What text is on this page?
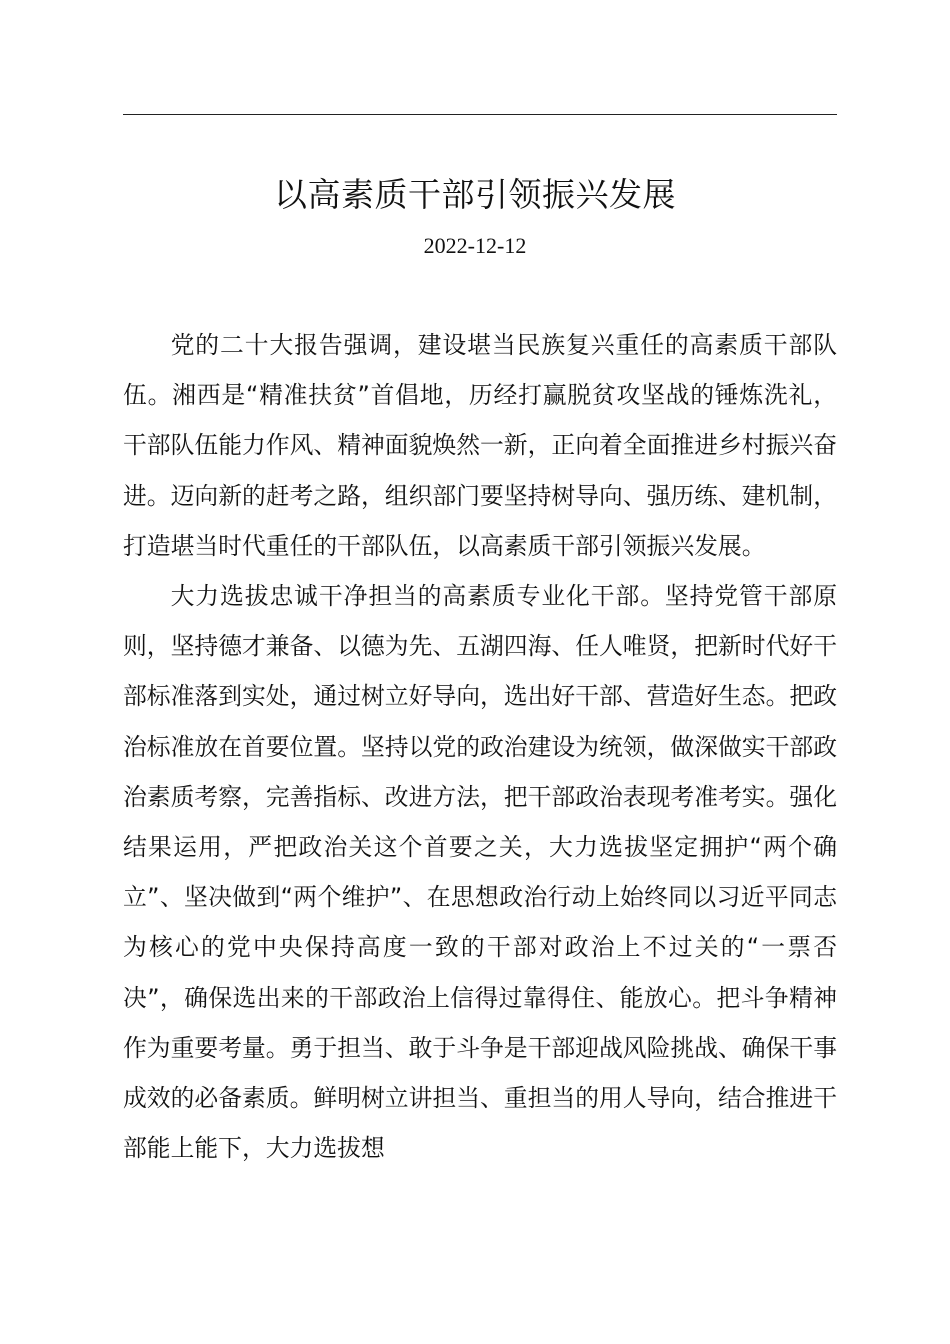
以高素质干部引领振兴发展
2022-12-12

党的二十大报告强调，建设堪当民族复兴重任的高素质干部队伍。湘西是“精准扶贫”首倡地，历经打赢脱贫攻坚战的锤炼洗礼，干部队伍能力作风、精神面貌焕然一新，正向着全面推进乡村振兴奋进。迈向新的赶考之路，组织部门要坚持树导向、强历练、建机制，打造堪当时代重任的干部队伍，以高素质干部引领振兴发展。

大力选拔忠诚干净担当的高素质专业化干部。坚持党管干部原则，坚持德才兼备、以德为先、五湖四海、任人唯贤，把新时代好干部标准落到实处，通过树立好导向，选出好干部、营造好生态。把政治标准放在首要位置。坚持以党的政治建设为统领，做深做实干部政治素质考察，完善指标、改进方法，把干部政治表现考准考实。强化结果运用，严把政治关这个首要之关，大力选拔坚定拥护“两个确立”、坚决做到“两个维护”、在思想政治行动上始终同以习近平同志为核心的党中央保持高度一致的干部对政治上不过关的“一票否决”，确保选出来的干部政治上信得过靠得住、能放心。把斗争精神作为重要考量。勇于担当、敢于斗争是干部迎战风险挑战、确保干事成效的必备素质。鲜明树立讲担当、重担当的用人导向，结合推进干部能上能下，大力选拔想
